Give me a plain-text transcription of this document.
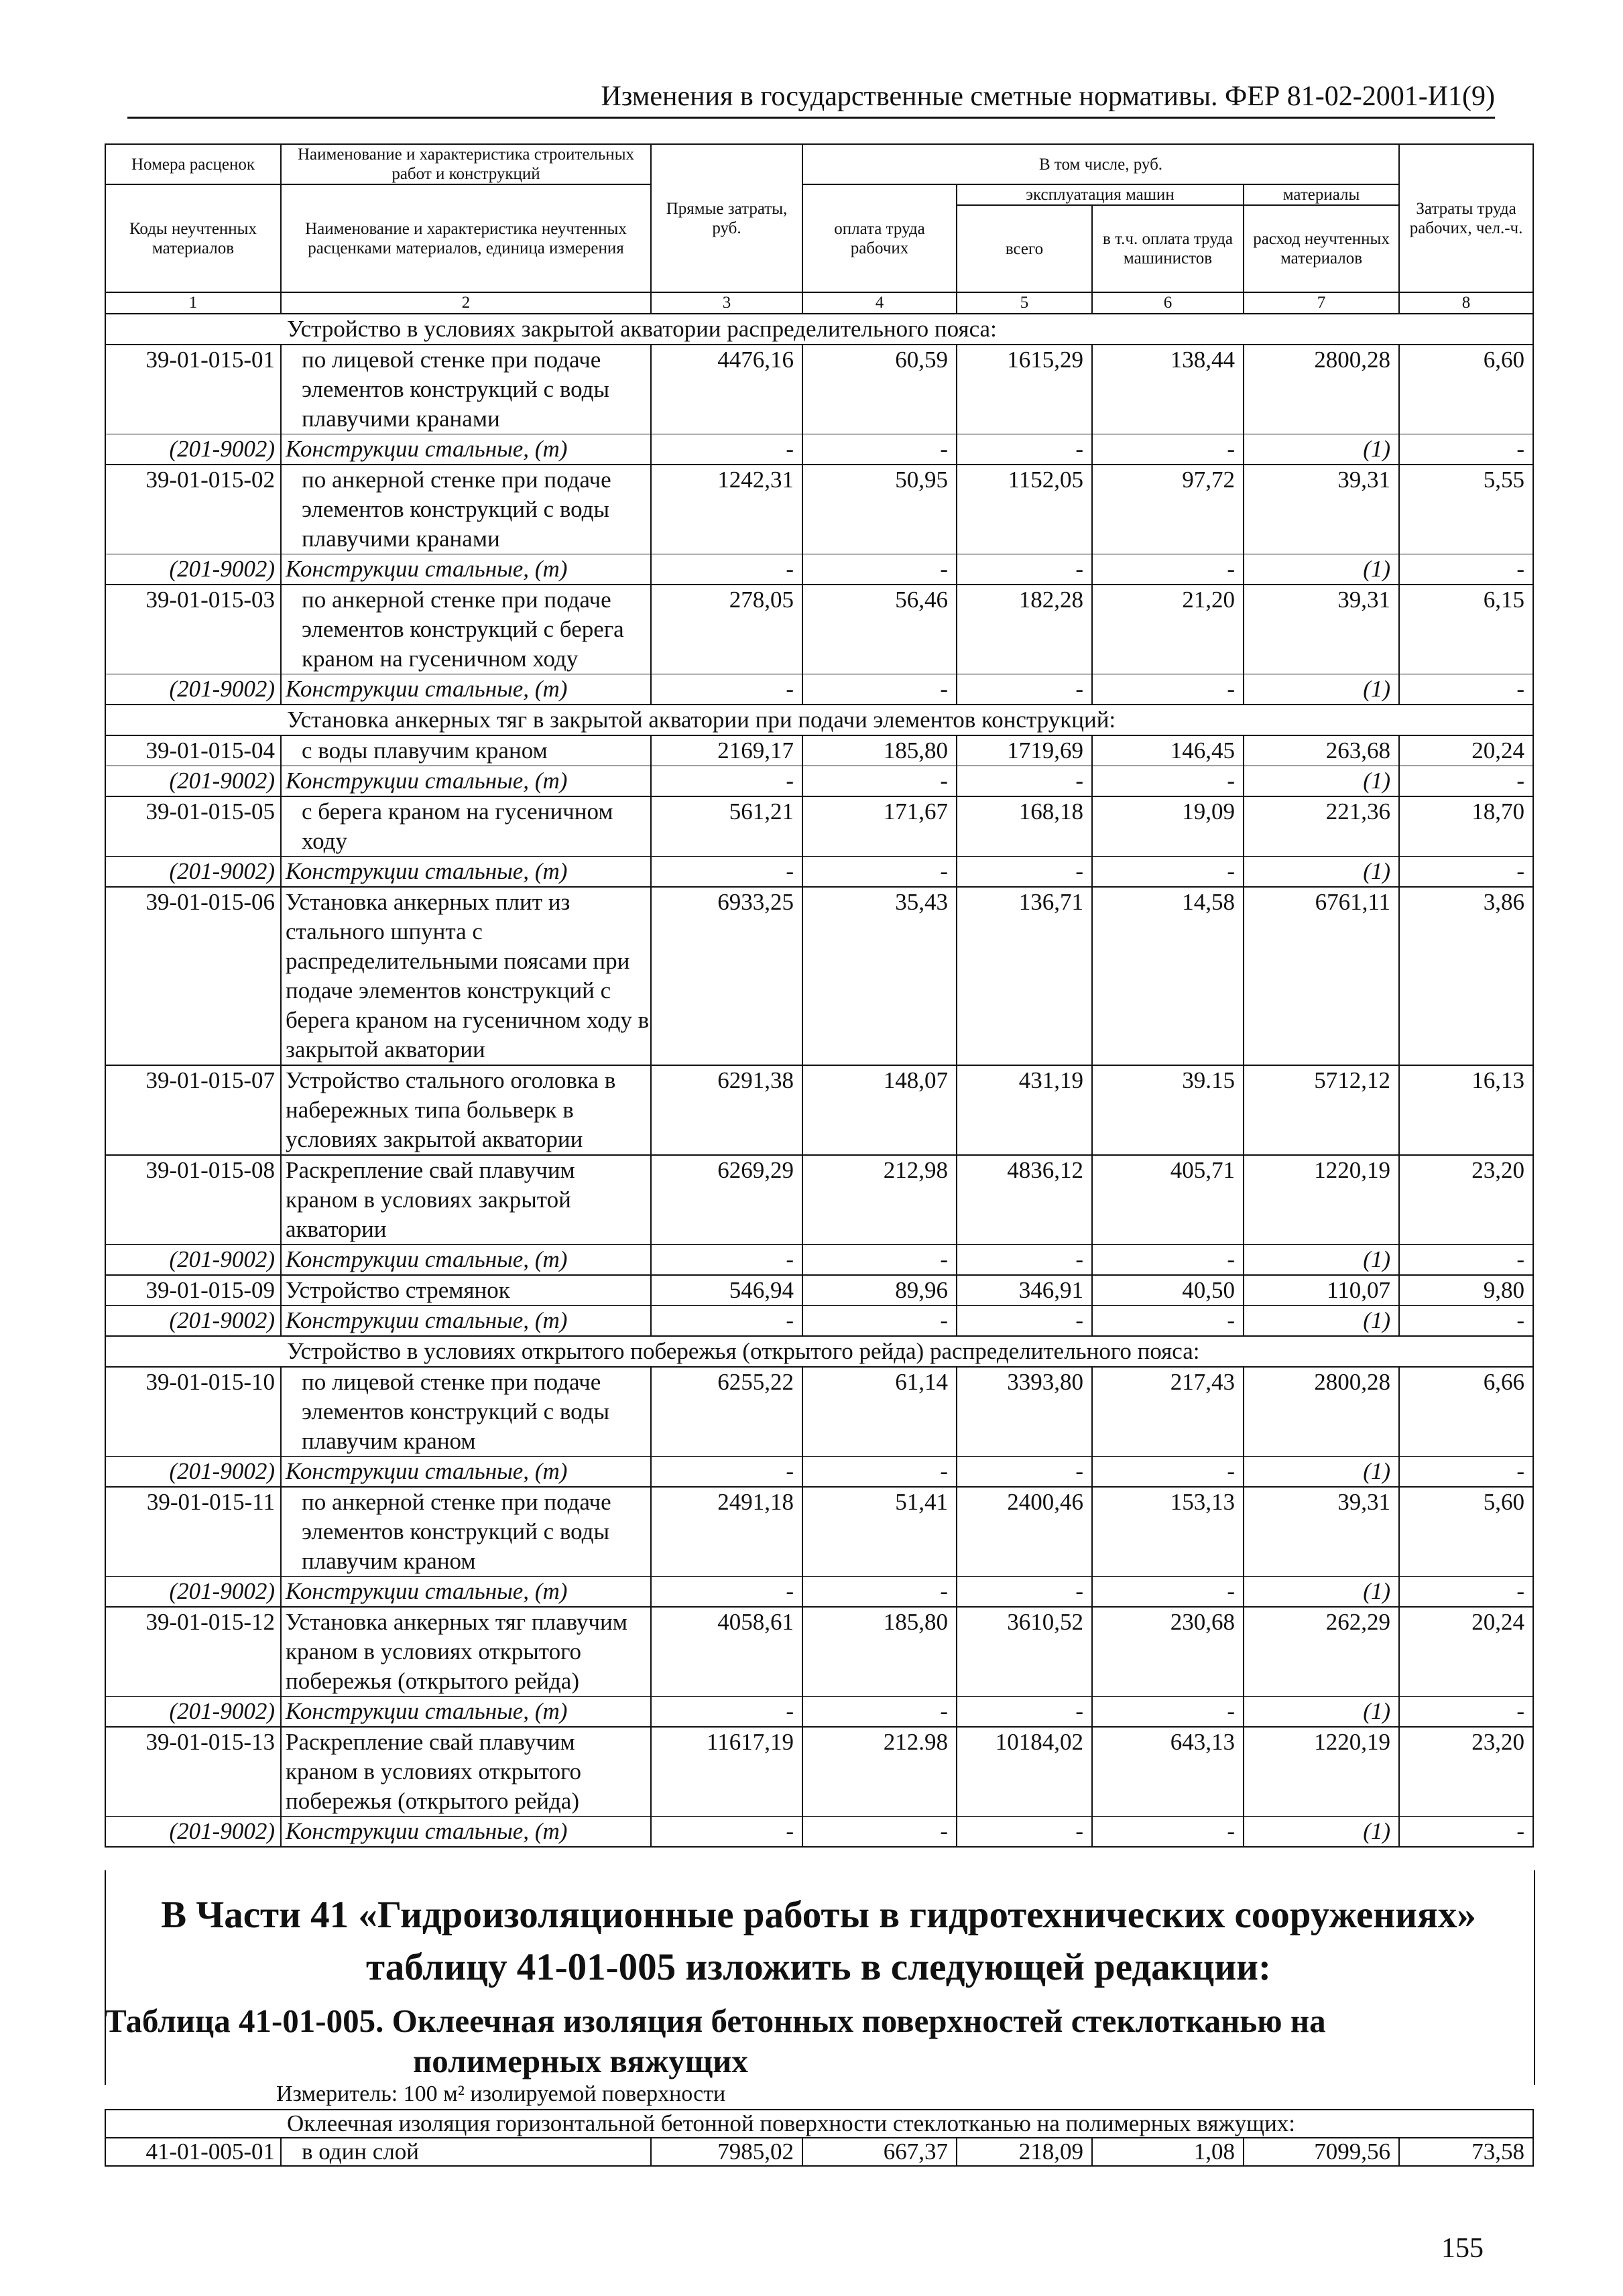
Изменения в государственные сметные нормативы. ФЕР 81-02-2001-И1(9)
Номера расценок	Наименование и характеристика строительных работ и конструкций	Прямые затраты, руб.	В том числе, руб.				Затраты труда рабочих, чел.-ч.
Коды неучтенных материалов	Наименование и характеристика неучтенных расценками материалов, единица измерения		оплата труда рабочих	эксплуатация машин		материалы	
				всего	в т.ч. оплата труда машинистов	расход неучтенных материалов	
1	2	3	4	5	6	7	8
Устройство в условиях закрытой акватории распределительного пояса:							
39-01-015-01	по лицевой стенке при подаче элементов конструкций с воды плавучими кранами	4476,16	60,59	1615,29	138,44	2800,28	6,60
(201-9002)	Конструкции стальные, (т)	-	-	-	-	(1)	-
39-01-015-02	по анкерной стенке при подаче элементов конструкций с воды плавучими кранами	1242,31	50,95	1152,05	97,72	39,31	5,55
(201-9002)	Конструкции стальные, (т)	-	-	-	-	(1)	-
39-01-015-03	по анкерной стенке при подаче элементов конструкций с берега краном на гусеничном ходу	278,05	56,46	182,28	21,20	39,31	6,15
(201-9002)	Конструкции стальные, (т)	-	-	-	-	(1)	-
Установка анкерных тяг в закрытой акватории при подачи элементов конструкций:							
39-01-015-04	с воды плавучим краном	2169,17	185,80	1719,69	146,45	263,68	20,24
(201-9002)	Конструкции стальные, (т)	-	-	-	-	(1)	-
39-01-015-05	с берега краном на гусеничном ходу	561,21	171,67	168,18	19,09	221,36	18,70
(201-9002)	Конструкции стальные, (т)	-	-	-	-	(1)	-
39-01-015-06	Установка анкерных плит из стального шпунта с распределительными поясами при подаче элементов конструкций с берега краном на гусеничном ходу в закрытой акватории	6933,25	35,43	136,71	14,58	6761,11	3,86
39-01-015-07	Устройство стального оголовка в набережных типа больверк в условиях закрытой акватории	6291,38	148,07	431,19	39.15	5712,12	16,13
39-01-015-08	Раскрепление свай плавучим краном в условиях закрытой акватории	6269,29	212,98	4836,12	405,71	1220,19	23,20
(201-9002)	Конструкции стальные, (т)	-	-	-	-	(1)	-
39-01-015-09	Устройство стремянок	546,94	89,96	346,91	40,50	110,07	9,80
(201-9002)	Конструкции стальные, (т)	-	-	-	-	(1)	-
Устройство в условиях открытого побережья (открытого рейда) распределительного пояса:							
39-01-015-10	по лицевой стенке при подаче элементов конструкций с воды плавучим краном	6255,22	61,14	3393,80	217,43	2800,28	6,66
(201-9002)	Конструкции стальные, (т)	-	-	-	-	(1)	-
39-01-015-11	по анкерной стенке при подаче элементов конструкций с воды плавучим краном	2491,18	51,41	2400,46	153,13	39,31	5,60
(201-9002)	Конструкции стальные, (т)	-	-	-	-	(1)	-
39-01-015-12	Установка анкерных тяг плавучим краном в условиях открытого побережья (открытого рейда)	4058,61	185,80	3610,52	230,68	262,29	20,24
(201-9002)	Конструкции стальные, (т)	-	-	-	-	(1)	-
39-01-015-13	Раскрепление свай плавучим краном в условиях открытого побережья (открытого рейда)	11617,19	212.98	10184,02	643,13	1220,19	23,20
(201-9002)	Конструкции стальные, (т)	-	-	-	-	(1)	-
В Части 41 «Гидроизоляционные работы в гидротехнических сооружениях» таблицу 41-01-005 изложить в следующей редакции:
Таблица 41-01-005. Оклеечная изоляция бетонных поверхностей стеклотканью на
полимерных вяжущих
Измеритель: 100 м² изолируемой поверхности
Оклеечная изоляция горизонтальной бетонной поверхности стеклотканью на полимерных вяжущих:
41-01-005-01	в один слой	7985,02	667,37	218,09	1,08	7099,56	73,58
155
